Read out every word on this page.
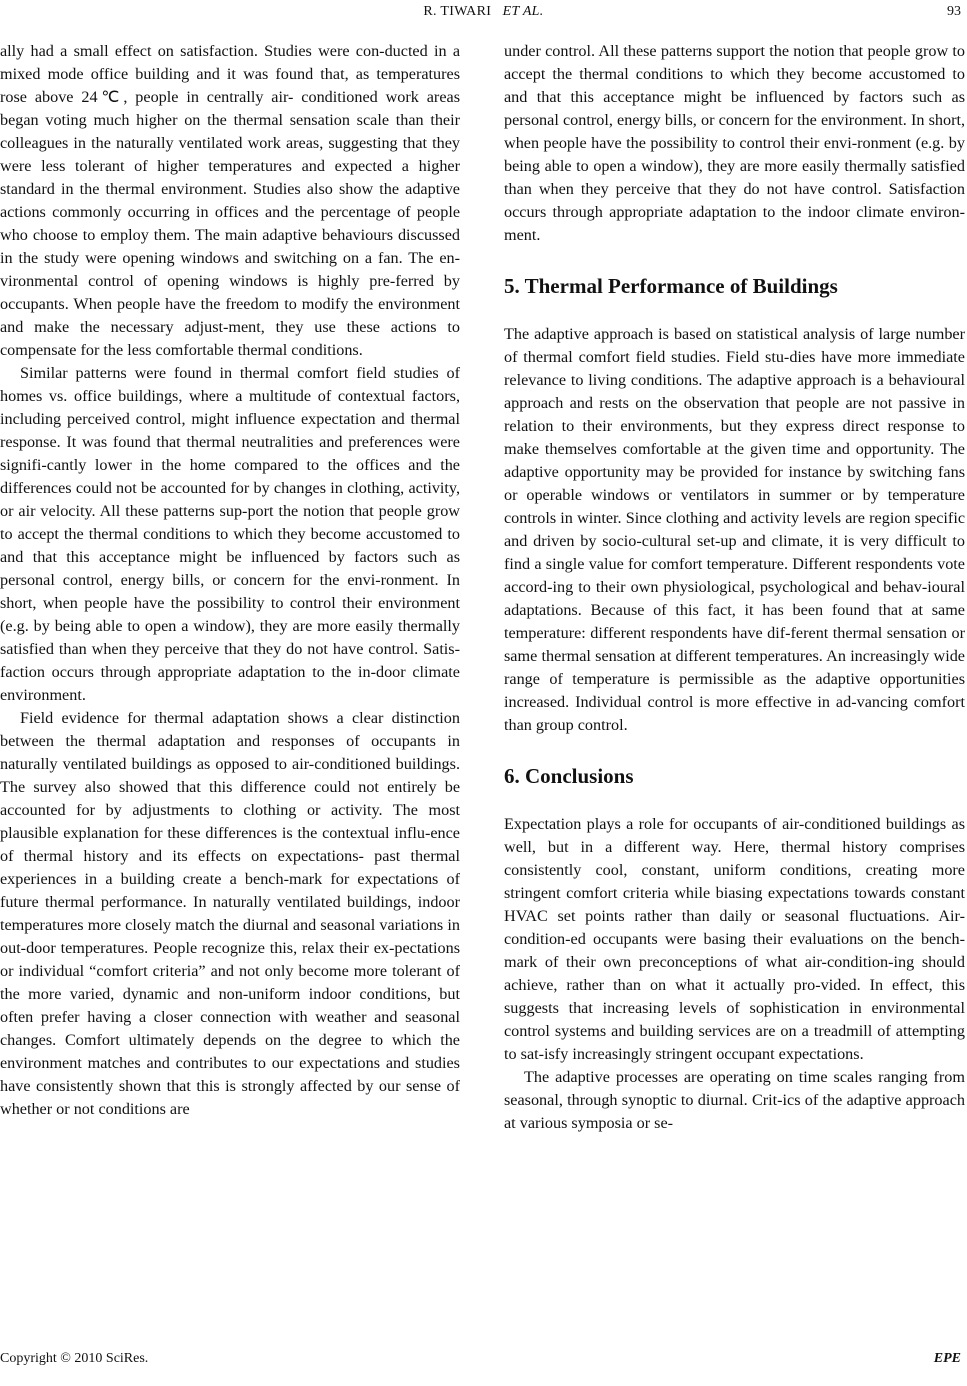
R. TIWARI ET AL.	93

ally had a small effect on satisfaction. Studies were con-ducted in a mixed mode office building and it was found that, as temperatures rose above 24℃, people in centrally air- conditioned work areas began voting much higher on the thermal sensation scale than their colleagues in the naturally ventilated work areas, suggesting that they were less tolerant of higher temperatures and expected a higher standard in the thermal environment. Studies also show the adaptive actions commonly occurring in offices and the percentage of people who choose to employ them. The main adaptive behaviours discussed in the study were opening windows and switching on a fan. The en-vironmental control of opening windows is highly pre-ferred by occupants. When people have the freedom to modify the environment and make the necessary adjust-ment, they use these actions to compensate for the less comfortable thermal conditions.

Similar patterns were found in thermal comfort field studies of homes vs. office buildings, where a multitude of contextual factors, including perceived control, might influence expectation and thermal response. It was found that thermal neutralities and preferences were signifi-cantly lower in the home compared to the offices and the differences could not be accounted for by changes in clothing, activity, or air velocity. All these patterns sup-port the notion that people grow to accept the thermal conditions to which they become accustomed to and that this acceptance might be influenced by factors such as personal control, energy bills, or concern for the envi-ronment. In short, when people have the possibility to control their environment (e.g. by being able to open a window), they are more easily thermally satisfied than when they perceive that they do not have control. Satis-faction occurs through appropriate adaptation to the in-door climate environment.

Field evidence for thermal adaptation shows a clear distinction between the thermal adaptation and responses of occupants in naturally ventilated buildings as opposed to air-conditioned buildings. The survey also showed that this difference could not entirely be accounted for by adjustments to clothing or activity. The most plausible explanation for these differences is the contextual influ-ence of thermal history and its effects on expectations- past thermal experiences in a building create a bench-mark for expectations of future thermal performance. In naturally ventilated buildings, indoor temperatures more closely match the diurnal and seasonal variations in out-door temperatures. People recognize this, relax their ex-pectations or individual “comfort criteria” and not only become more tolerant of the more varied, dynamic and non-uniform indoor conditions, but often prefer having a closer connection with weather and seasonal changes. Comfort ultimately depends on the degree to which the environment matches and contributes to our expectations and studies have consistently shown that this is strongly affected by our sense of whether or not conditions are

under control. All these patterns support the notion that people grow to accept the thermal conditions to which they become accustomed to and that this acceptance might be influenced by factors such as personal control, energy bills, or concern for the environment. In short, when people have the possibility to control their envi-ronment (e.g. by being able to open a window), they are more easily thermally satisfied than when they perceive that they do not have control. Satisfaction occurs through appropriate adaptation to the indoor climate environ-ment.

5. Thermal Performance of Buildings

The adaptive approach is based on statistical analysis of large number of thermal comfort field studies. Field stu-dies have more immediate relevance to living conditions. The adaptive approach is a behavioural approach and rests on the observation that people are not passive in relation to their environments, but they express direct response to make themselves comfortable at the given time and opportunity. The adaptive opportunity may be provided for instance by switching fans or operable windows or ventilators in summer or by temperature controls in winter. Since clothing and activity levels are region specific and driven by socio-cultural set-up and climate, it is very difficult to find a single value for comfort temperature. Different respondents vote accord-ing to their own physiological, psychological and behav-ioural adaptations. Because of this fact, it has been found that at same temperature: different respondents have dif-ferent thermal sensation or same thermal sensation at different temperatures. An increasingly wide range of temperature is permissible as the adaptive opportunities increased. Individual control is more effective in ad-vancing comfort than group control.

6. Conclusions

Expectation plays a role for occupants of air-conditioned buildings as well, but in a different way. Here, thermal history comprises consistently cool, constant, uniform conditions, creating more stringent comfort criteria while biasing expectations towards constant HVAC set points rather than daily or seasonal fluctuations. Air-condition-ed occupants were basing their evaluations on the bench-mark of their own preconceptions of what air-condition-ing should achieve, rather than on what it actually pro-vided. In effect, this suggests that increasing levels of sophistication in environmental control systems and building services are on a treadmill of attempting to sat-isfy increasingly stringent occupant expectations.

The adaptive processes are operating on time scales ranging from seasonal, through synoptic to diurnal. Crit-ics of the adaptive approach at various symposia or se-

Copyright © 2010 SciRes.	EPE
